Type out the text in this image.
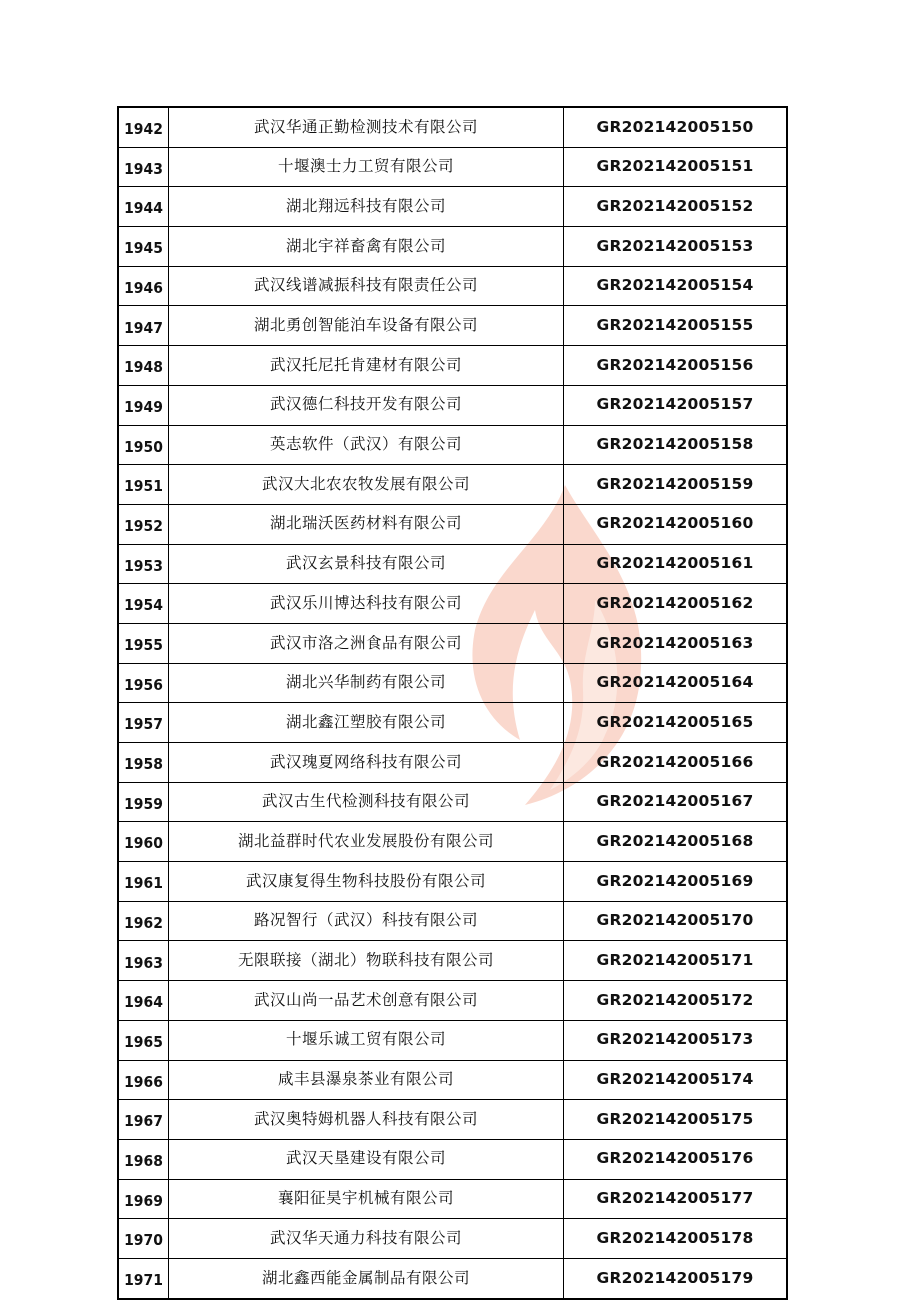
1942	武汉华通正勤检测技术有限公司	GR202142005150
1943	十堰澳士力工贸有限公司	GR202142005151
1944	湖北翔远科技有限公司	GR202142005152
1945	湖北宇祥畜禽有限公司	GR202142005153
1946	武汉线谱减振科技有限责任公司	GR202142005154
1947	湖北勇创智能泊车设备有限公司	GR202142005155
1948	武汉托尼托肯建材有限公司	GR202142005156
1949	武汉德仁科技开发有限公司	GR202142005157
1950	英志软件（武汉）有限公司	GR202142005158
1951	武汉大北农农牧发展有限公司	GR202142005159
1952	湖北瑞沃医药材料有限公司	GR202142005160
1953	武汉玄景科技有限公司	GR202142005161
1954	武汉乐川博达科技有限公司	GR202142005162
1955	武汉市洛之洲食品有限公司	GR202142005163
1956	湖北兴华制药有限公司	GR202142005164
1957	湖北鑫江塑胶有限公司	GR202142005165
1958	武汉瑰夏网络科技有限公司	GR202142005166
1959	武汉古生代检测科技有限公司	GR202142005167
1960	湖北益群时代农业发展股份有限公司	GR202142005168
1961	武汉康复得生物科技股份有限公司	GR202142005169
1962	路况智行（武汉）科技有限公司	GR202142005170
1963	无限联接（湖北）物联科技有限公司	GR202142005171
1964	武汉山尚一品艺术创意有限公司	GR202142005172
1965	十堰乐诚工贸有限公司	GR202142005173
1966	咸丰县瀑泉茶业有限公司	GR202142005174
1967	武汉奥特姆机器人科技有限公司	GR202142005175
1968	武汉天垦建设有限公司	GR202142005176
1969	襄阳征昊宇机械有限公司	GR202142005177
1970	武汉华天通力科技有限公司	GR202142005178
1971	湖北鑫西能金属制品有限公司	GR202142005179
